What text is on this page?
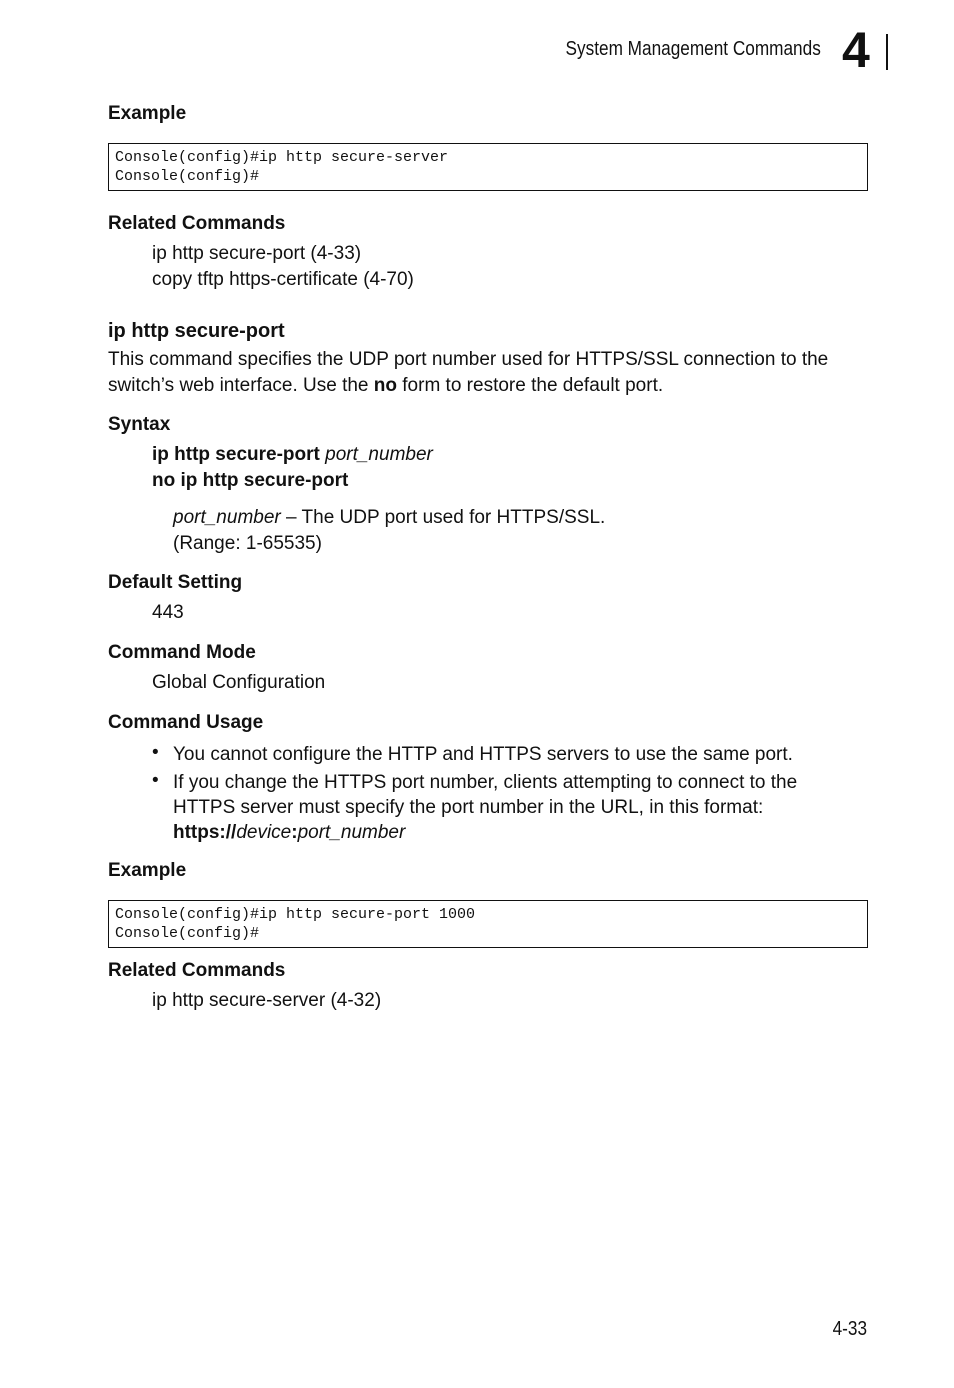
System Management Commands 4
Example
Console(config)#ip http secure-server
Console(config)#
Related Commands
ip http secure-port (4-33)
copy tftp https-certificate (4-70)
ip http secure-port
This command specifies the UDP port number used for HTTPS/SSL connection to the switch’s web interface. Use the no form to restore the default port.
Syntax
ip http secure-port port_number
no ip http secure-port
port_number – The UDP port used for HTTPS/SSL.
(Range: 1-65535)
Default Setting
443
Command Mode
Global Configuration
Command Usage
• You cannot configure the HTTP and HTTPS servers to use the same port.
• If you change the HTTPS port number, clients attempting to connect to the HTTPS server must specify the port number in the URL, in this format:
https://device:port_number
Example
Console(config)#ip http secure-port 1000
Console(config)#
Related Commands
ip http secure-server (4-32)
4-33
